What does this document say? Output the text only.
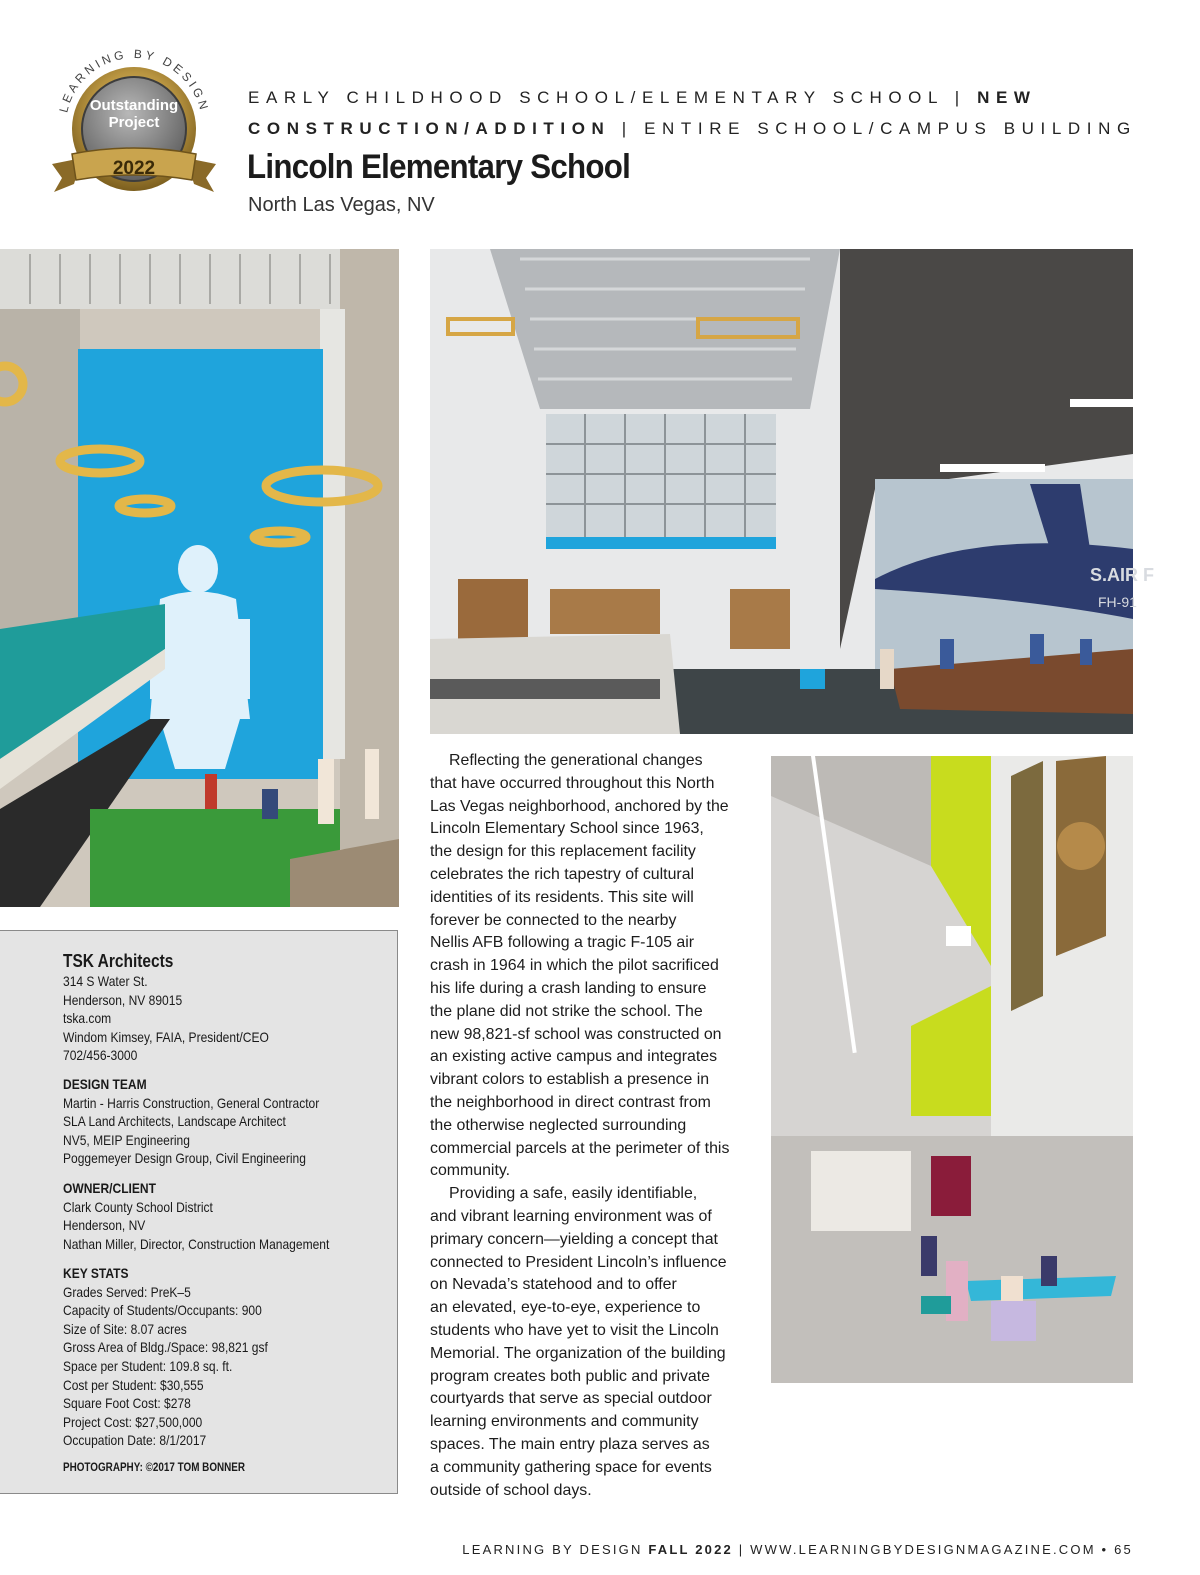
LEARNING BY DESIGN
Outstanding
Project
2022
EARLY CHILDHOOD SCHOOL/ELEMENTARY SCHOOL | NEW
CONSTRUCTION/ADDITION | ENTIRE SCHOOL/CAMPUS BUILDING
Lincoln Elementary School
North Las Vegas, NV
S.AIR F
FH-91
TSK Architects
314 S Water St.
Henderson, NV 89015
tska.com
Windom Kimsey, FAIA, President/CEO
702/456-3000
DESIGN TEAM
Martin - Harris Construction, General Contractor
SLA Land Architects, Landscape Architect
NV5, MEIP Engineering
Poggemeyer Design Group, Civil Engineering
OWNER/CLIENT
Clark County School District
Henderson, NV
Nathan Miller, Director, Construction Management
KEY STATS
Grades Served: PreK–5
Capacity of Students/Occupants: 900
Size of Site: 8.07 acres
Gross Area of Bldg./Space: 98,821 gsf
Space per Student: 109.8 sq. ft.
Cost per Student: $30,555
Square Foot Cost: $278
Project Cost: $27,500,000
Occupation Date: 8/1/2017
PHOTOGRAPHY: ©2017 TOM BONNER

Reflecting the generational changes
that have occurred throughout this North
Las Vegas neighborhood, anchored by the
Lincoln Elementary School since 1963,
the design for this replacement facility
celebrates the rich tapestry of cultural
identities of its residents. This site will
forever be connected to the nearby
Nellis AFB following a tragic F-105 air
crash in 1964 in which the pilot sacrificed
his life during a crash landing to ensure
the plane did not strike the school. The
new 98,821-sf school was constructed on
an existing active campus and integrates
vibrant colors to establish a presence in
the neighborhood in direct contrast from
the otherwise neglected surrounding
commercial parcels at the perimeter of this
community.

Providing a safe, easily identifiable,
and vibrant learning environment was of
primary concern—yielding a concept that
connected to President Lincoln’s influence
on Nevada’s statehood and to offer
an elevated, eye-to-eye, experience to
students who have yet to visit the Lincoln
Memorial. The organization of the building
program creates both public and private
courtyards that serve as special outdoor
learning environments and community
spaces. The main entry plaza serves as
a community gathering space for events
outside of school days.

LEARNING BY DESIGN FALL 2022 | WWW.LEARNINGBYDESIGNMAGAZINE.COM • 65
